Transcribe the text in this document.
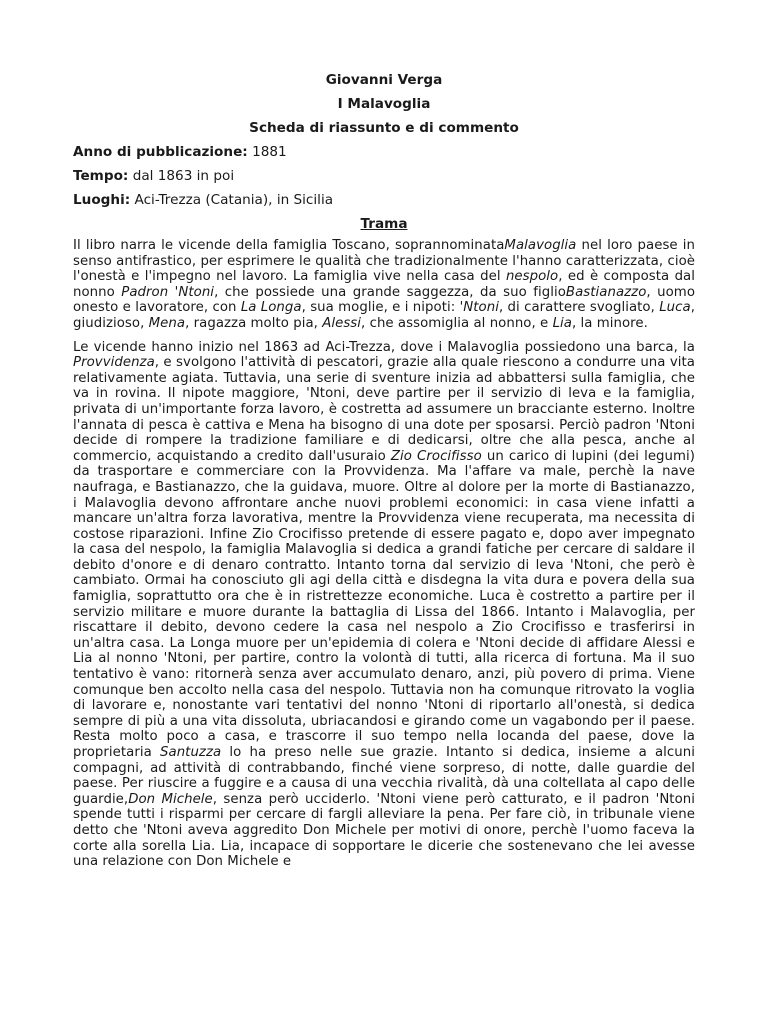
Giovanni Verga

I Malavoglia

Scheda di riassunto e di commento

Anno di pubblicazione: 1881

Tempo: dal 1863 in poi

Luoghi: Aci-Trezza (Catania), in Sicilia

Trama

Il libro narra le vicende della famiglia Toscano, soprannominataMalavoglia nel loro paese in senso antifrastico, per esprimere le qualità che tradizionalmente l'hanno caratterizzata, cioè l'onestà e l'impegno nel lavoro. La famiglia vive nella casa del nespolo, ed è composta dal nonno Padron 'Ntoni, che possiede una grande saggezza, da suo figlioBastianazzo, uomo onesto e lavoratore, con La Longa, sua moglie, e i nipoti: 'Ntoni, di carattere svogliato, Luca, giudizioso, Mena, ragazza molto pia, Alessi, che assomiglia al nonno, e Lia, la minore.

Le vicende hanno inizio nel 1863 ad Aci-Trezza, dove i Malavoglia possiedono una barca, la Provvidenza, e svolgono l'attività di pescatori, grazie alla quale riescono a condurre una vita relativamente agiata. Tuttavia, una serie di sventure inizia ad abbattersi sulla famiglia, che va in rovina. Il nipote maggiore, 'Ntoni, deve partire per il servizio di leva e la famiglia, privata di un'importante forza lavoro, è costretta ad assumere un bracciante esterno. Inoltre l'annata di pesca è cattiva e Mena ha bisogno di una dote per sposarsi. Perciò padron 'Ntoni decide di rompere la tradizione familiare e di dedicarsi, oltre che alla pesca, anche al commercio, acquistando a credito dall'usuraio Zio Crocifisso un carico di lupini (dei legumi) da trasportare e commerciare con la Provvidenza. Ma l'affare va male, perchè la nave naufraga, e Bastianazzo, che la guidava, muore. Oltre al dolore per la morte di Bastianazzo, i Malavoglia devono affrontare anche nuovi problemi economici: in casa viene infatti a mancare un'altra forza lavorativa, mentre la Provvidenza viene recuperata, ma necessita di costose riparazioni. Infine Zio Crocifisso pretende di essere pagato e, dopo aver impegnato la casa del nespolo, la famiglia Malavoglia si dedica a grandi fatiche per cercare di saldare il debito d'onore e di denaro contratto. Intanto torna dal servizio di leva 'Ntoni, che però è cambiato. Ormai ha conosciuto gli agi della città e disdegna la vita dura e povera della sua famiglia, soprattutto ora che è in ristrettezze economiche. Luca è costretto a partire per il servizio militare e muore durante la battaglia di Lissa del 1866. Intanto i Malavoglia, per riscattare il debito, devono cedere la casa nel nespolo a Zio Crocifisso e trasferirsi in un'altra casa. La Longa muore per un'epidemia di colera e 'Ntoni decide di affidare Alessi e Lia al nonno 'Ntoni, per partire, contro la volontà di tutti, alla ricerca di fortuna. Ma il suo tentativo è vano: ritornerà senza aver accumulato denaro, anzi, più povero di prima. Viene comunque ben accolto nella casa del nespolo. Tuttavia non ha comunque ritrovato la voglia di lavorare e, nonostante vari tentativi del nonno 'Ntoni di riportarlo all'onestà, si dedica sempre di più a una vita dissoluta, ubriacandosi e girando come un vagabondo per il paese. Resta molto poco a casa, e trascorre il suo tempo nella locanda del paese, dove la proprietaria Santuzza lo ha preso nelle sue grazie. Intanto si dedica, insieme a alcuni compagni, ad attività di contrabbando, finché viene sorpreso, di notte, dalle guardie del paese. Per riuscire a fuggire e a causa di una vecchia rivalità, dà una coltellata al capo delle guardie,Don Michele, senza però ucciderlo. 'Ntoni viene però catturato, e il padron 'Ntoni spende tutti i risparmi per cercare di fargli alleviare la pena. Per fare ciò, in tribunale viene detto che 'Ntoni aveva aggredito Don Michele per motivi di onore, perchè l'uomo faceva la corte alla sorella Lia. Lia, incapace di sopportare le dicerie che sostenevano che lei avesse una relazione con Don Michele e
